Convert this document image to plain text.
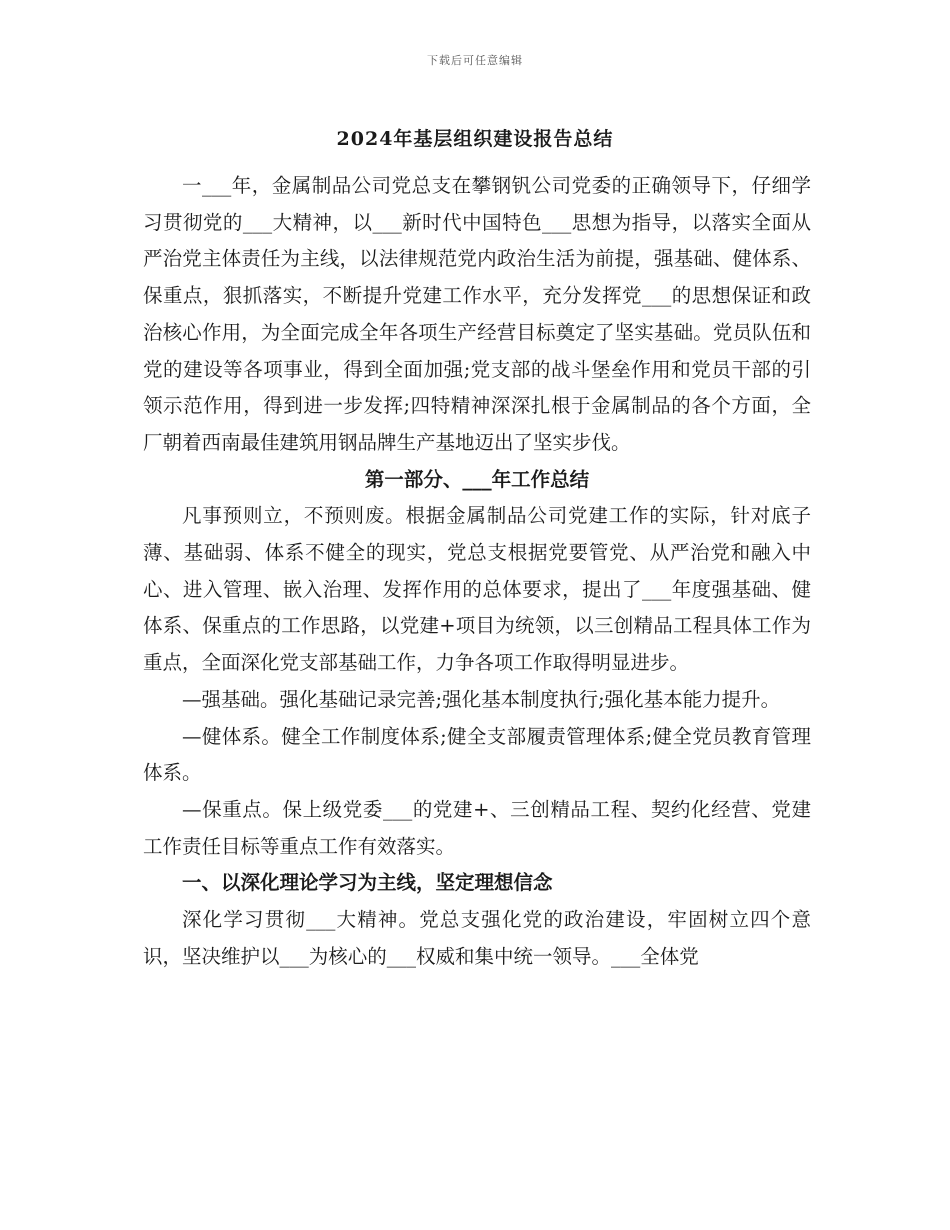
下载后可任意编辑
2024年基层组织建设报告总结

一___年，金属制品公司党总支在攀钢钒公司党委的正确领导下，仔细学习贯彻党的___大精神，以___新时代中国特色___思想为指导，以落实全面从严治党主体责任为主线，以法律规范党内政治生活为前提，强基础、健体系、保重点，狠抓落实，不断提升党建工作水平，充分发挥党___的思想保证和政治核心作用，为全面完成全年各项生产经营目标奠定了坚实基础。党员队伍和党的建设等各项事业，得到全面加强;党支部的战斗堡垒作用和党员干部的引领示范作用，得到进一步发挥;四特精神深深扎根于金属制品的各个方面，全厂朝着西南最佳建筑用钢品牌生产基地迈出了坚实步伐。

第一部分、___年工作总结

凡事预则立，不预则废。根据金属制品公司党建工作的实际，针对底子薄、基础弱、体系不健全的现实，党总支根据党要管党、从严治党和融入中心、进入管理、嵌入治理、发挥作用的总体要求，提出了___年度强基础、健体系、保重点的工作思路，以党建+项目为统领，以三创精品工程具体工作为重点，全面深化党支部基础工作，力争各项工作取得明显进步。

—强基础。强化基础记录完善;强化基本制度执行;强化基本能力提升。

—健体系。健全工作制度体系;健全支部履责管理体系;健全党员教育管理体系。

—保重点。保上级党委___的党建+、三创精品工程、契约化经营、党建工作责任目标等重点工作有效落实。

一、以深化理论学习为主线，坚定理想信念

深化学习贯彻___大精神。党总支强化党的政治建设，牢固树立四个意识，坚决维护以___为核心的___权威和集中统一领导。___全体党
